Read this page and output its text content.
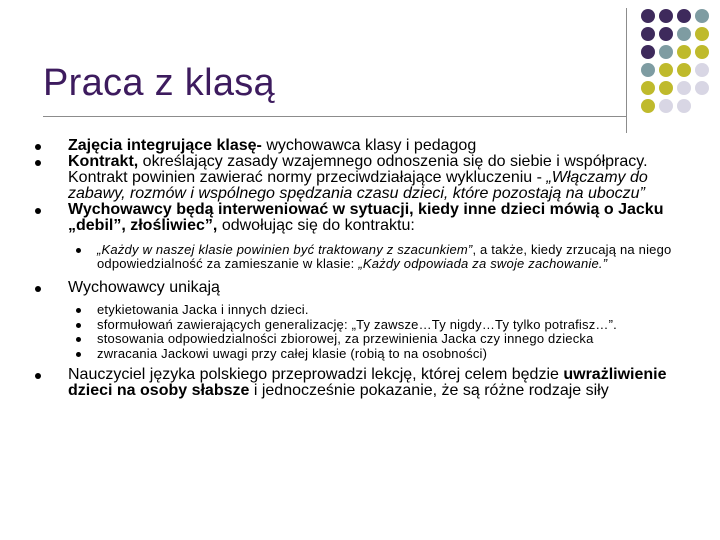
Praca z klasą
Zajęcia integrujące klasę- wychowawca klasy i pedagog
Kontrakt, określający zasady wzajemnego odnoszenia się do siebie i współpracy. Kontrakt powinien zawierać normy przeciwdziałające wykluczeniu - „Włączamy do zabawy, rozmów i wspólnego spędzania czasu dzieci, które pozostają na uboczu”
Wychowawcy będą interweniować w sytuacji, kiedy inne dzieci mówią o Jacku „debil”, złośliwiec”, odwołując się do kontraktu:
„Każdy w naszej klasie powinien być traktowany z szacunkiem”, a także, kiedy zrzucają na niego odpowiedzialność za zamieszanie w klasie: „Każdy odpowiada za swoje zachowanie.”
Wychowawcy unikają
etykietowania Jacka i innych dzieci.
sformułowań zawierających generalizację: „Ty zawsze…Ty nigdy…Ty tylko potrafisz…”.
stosowania odpowiedzialności zbiorowej, za przewinienia Jacka czy innego dziecka
zwracania Jackowi uwagi przy całej klasie (robią to na osobności)
Nauczyciel języka polskiego przeprowadzi lekcję, której celem będzie uwrażliwienie dzieci na osoby słabsze i jednocześnie pokazanie, że są różne rodzaje siły
